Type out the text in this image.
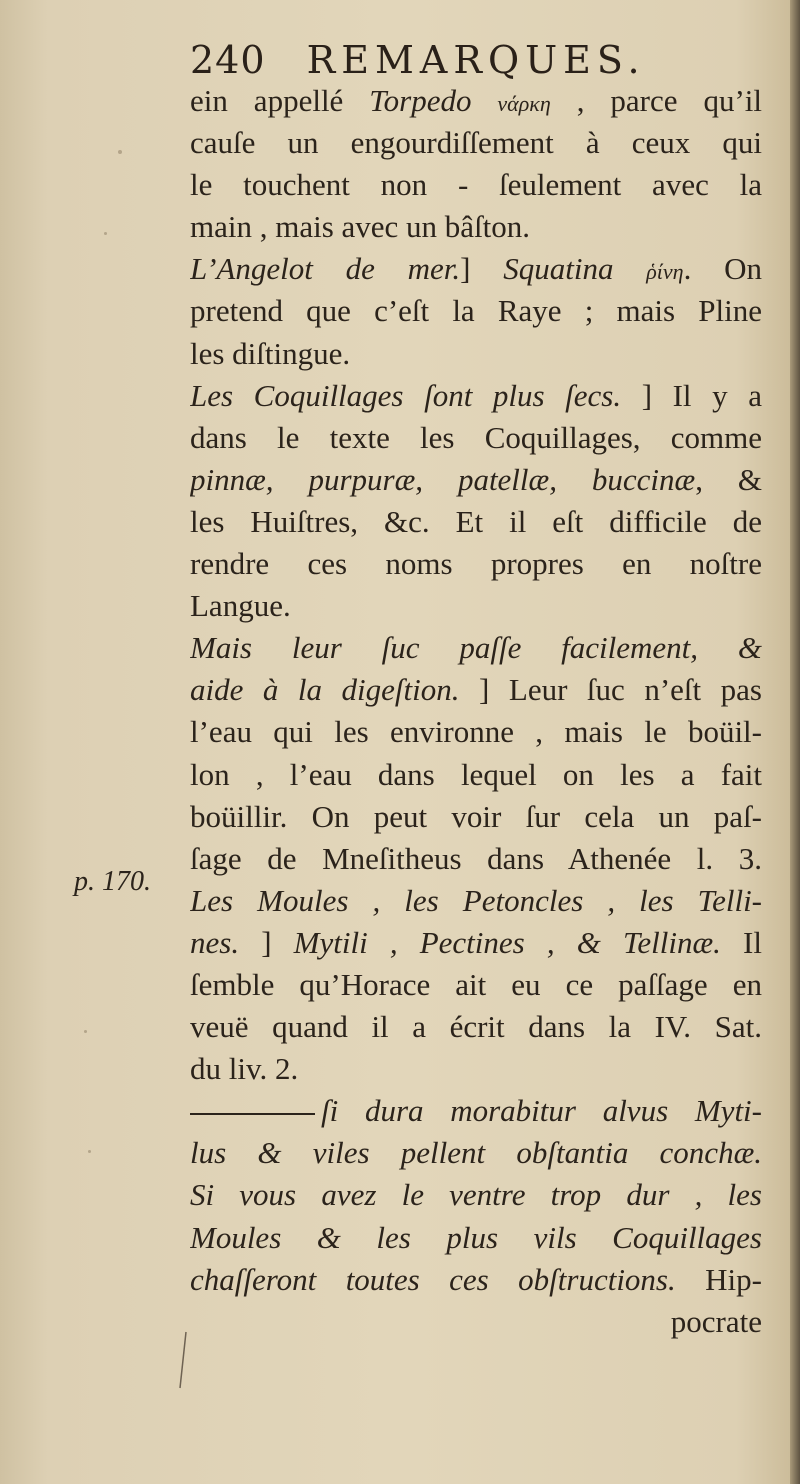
240 REMARQUES.
p. 170.
ein appellé Torpedo νάρκη , parce qu’il
cauſe un engourdiſſement à ceux qui
le touchent non - ſeulement avec la
main , mais avec un bâſton.
L’Angelot de mer.] Squatina ῥίνη. On
pretend que c’eſt la Raye ; mais Pline
les diſtingue.
Les Coquillages ſont plus ſecs. ] Il y a
dans le texte les Coquillages, comme
pinnæ, purpuræ, patellæ, buccinæ, &
les Huiſtres, &c. Et il eſt difficile de
rendre ces noms propres en noſtre
Langue.
Mais leur ſuc paſſe facilement, &
aide à la digeſtion. ] Leur ſuc n’eſt pas
l’eau qui les environne , mais le boüil-
lon , l’eau dans lequel on les a fait
boüillir. On peut voir ſur cela un paſ-
ſage de Mneſitheus dans Athenée l. 3.
Les Moules , les Petoncles , les Telli-
nes. ] Mytili , Pectines , & Tellinæ. Il
ſemble qu’Horace ait eu ce paſſage en
veuë quand il a écrit dans la IV. Sat.
du liv. 2.
ſi dura morabitur alvus Myti-
lus & viles pellent obſtantia conchæ.
Si vous avez le ventre trop dur , les
Moules & les plus vils Coquillages
chaſſeront toutes ces obſtructions. Hip-
pocrate
